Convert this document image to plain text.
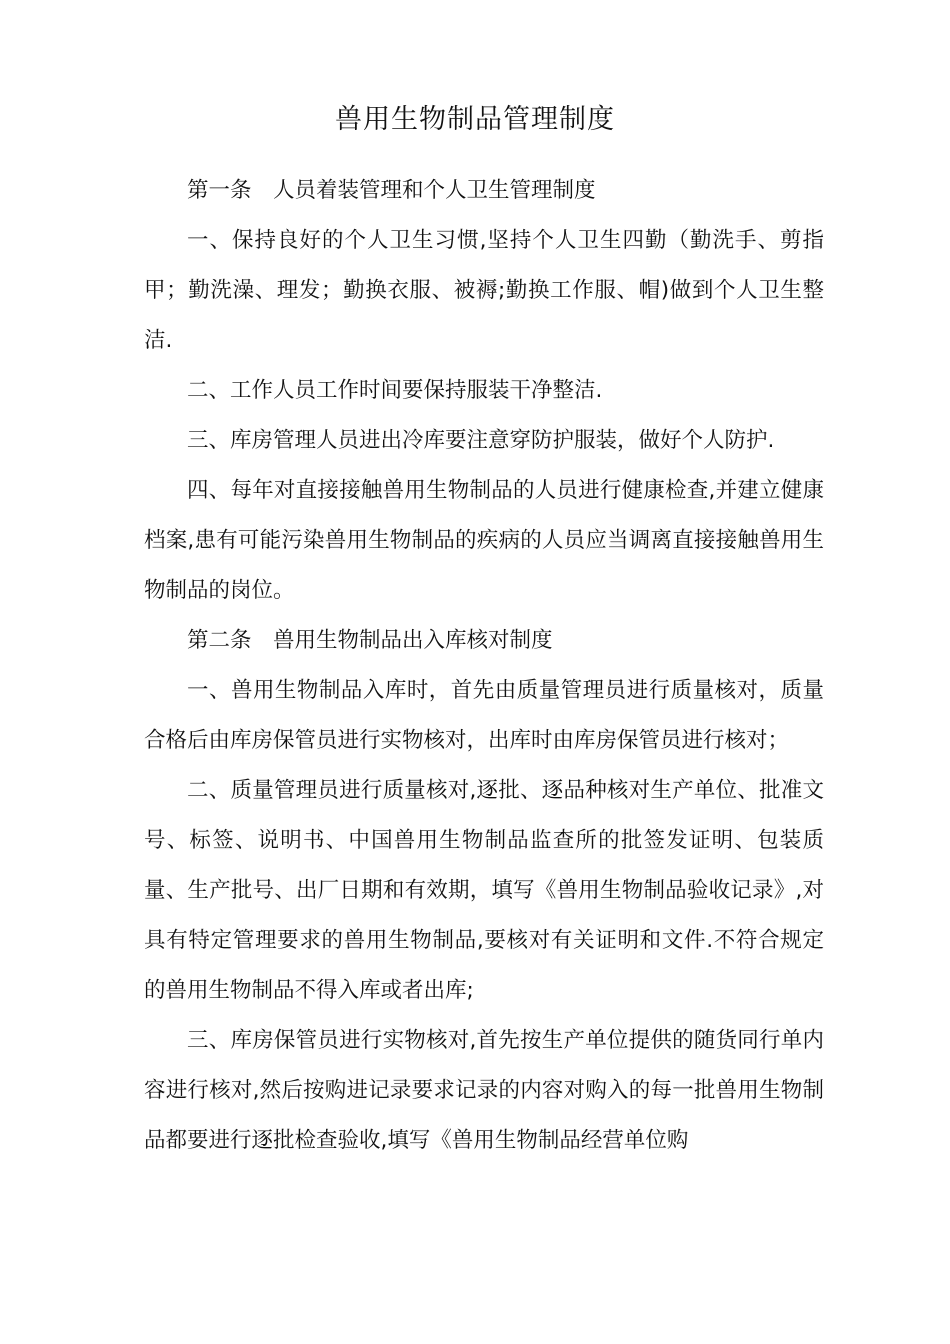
兽用生物制品管理制度

第一条　人员着装管理和个人卫生管理制度

一、保持良好的个人卫生习惯,坚持个人卫生四勤（勤洗手、剪指甲；勤洗澡、理发；勤换衣服、被褥;勤换工作服、帽)做到个人卫生整洁.

二、工作人员工作时间要保持服装干净整洁.

三、库房管理人员进出冷库要注意穿防护服装，做好个人防护.

四、每年对直接接触兽用生物制品的人员进行健康检查,并建立健康档案,患有可能污染兽用生物制品的疾病的人员应当调离直接接触兽用生物制品的岗位。

第二条　兽用生物制品出入库核对制度

一、兽用生物制品入库时，首先由质量管理员进行质量核对，质量合格后由库房保管员进行实物核对，出库时由库房保管员进行核对；

二、质量管理员进行质量核对,逐批、逐品种核对生产单位、批准文号、标签、说明书、中国兽用生物制品监查所的批签发证明、包装质量、生产批号、出厂日期和有效期，填写《兽用生物制品验收记录》,对具有特定管理要求的兽用生物制品,要核对有关证明和文件.不符合规定的兽用生物制品不得入库或者出库;

三、库房保管员进行实物核对,首先按生产单位提供的随货同行单内容进行核对,然后按购进记录要求记录的内容对购入的每一批兽用生物制品都要进行逐批检查验收,填写《兽用生物制品经营单位购
